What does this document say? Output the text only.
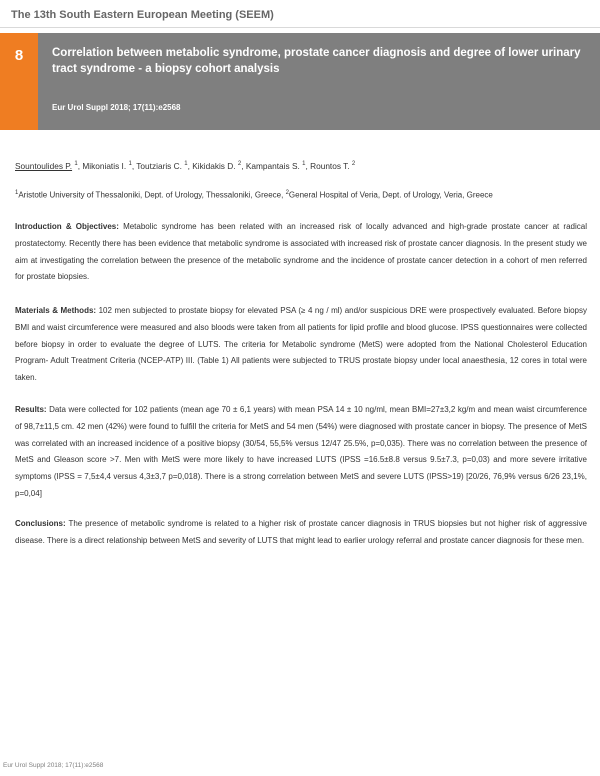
The 13th South Eastern European Meeting (SEEM)
8	Correlation between metabolic syndrome, prostate cancer diagnosis and degree of lower urinary tract syndrome - a biopsy cohort analysis
Eur Urol Suppl 2018; 17(11):e2568
Sountoulides P. $^1$, Mikoniatis I. $^1$, Toutziaris C. $^1$, Kikidakis D. $^2$, Kampantais S. $^1$, Rountos T. $^2$
$^1$Aristotle University of Thessaloniki, Dept. of Urology, Thessaloniki, Greece, $^2$General Hospital of Veria, Dept. of Urology, Veria, Greece
Introduction & Objectives: Metabolic syndrome has been related with an increased risk of locally advanced and high-grade prostate cancer at radical prostatectomy. Recently there has been evidence that metabolic syndrome is associated with increased risk of prostate cancer diagnosis. In the present study we aim at investigating the correlation between the presence of the metabolic syndrome and the incidence of prostate cancer detection in a cohort of men referred for prostate biopsies.
Materials & Methods: 102 men subjected to prostate biopsy for elevated PSA (≥ 4 ng / ml) and/or suspicious DRE were prospectively evaluated. Before biopsy BMI and waist circumference were measured and also bloods were taken from all patients for lipid profile and blood glucose. IPSS questionnaires were collected before biopsy in order to evaluate the degree of LUTS. The criteria for Metabolic syndrome (MetS) were adopted from the National Cholesterol Education Program- Adult Treatment Criteria (NCEP-ATP) III. (Table 1) All patients were subjected to TRUS prostate biopsy under local anaesthesia, 12 cores in total were taken.
Results: Data were collected for 102 patients (mean age 70 ± 6,1 years) with mean PSA 14 ± 10 ng/ml, mean BMI=27±3,2 kg/m and mean waist circumference of 98,7±11,5 cm. 42 men (42%) were found to fulfill the criteria for MetS and 54 men (54%) were diagnosed with prostate cancer in biopsy. The presence of MetS was correlated with an increased incidence of a positive biopsy (30/54, 55,5% versus 12/47 25.5%, p=0,035). There was no correlation between the presence of MetS and Gleason score >7. Men with MetS were more likely to have increased LUTS (IPSS =16.5±8.8 versus 9.5±7.3, p=0,03) and more severe irritative symptoms (IPSS = 7,5±4,4 versus 4,3±3,7 p=0,018). There is a strong correlation between MetS and severe LUTS (IPSS>19) [20/26, 76,9% versus 6/26 23,1%, p=0,04]
Conclusions: The presence of metabolic syndrome is related to a higher risk of prostate cancer diagnosis in TRUS biopsies but not higher risk of aggressive disease. There is a direct relationship between MetS and severity of LUTS that might lead to earlier urology referral and prostate cancer diagnosis for these men.
Eur Urol Suppl 2018; 17(11):e2568
